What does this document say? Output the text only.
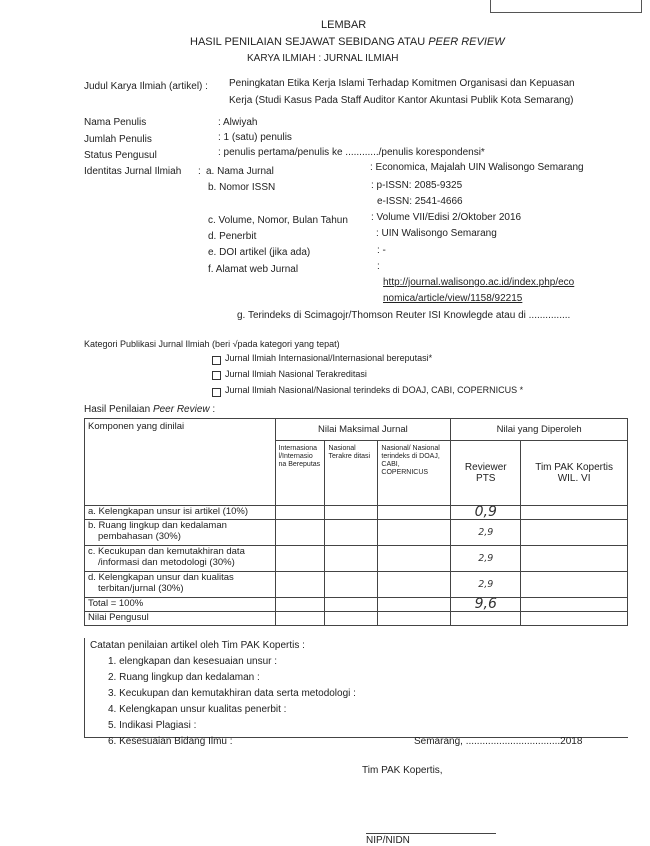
LEMBAR
HASIL PENILAIAN SEJAWAT SEBIDANG ATAU PEER REVIEW
KARYA ILMIAH : JURNAL ILMIAH
Judul Karya Ilmiah (artikel) : Peningkatan Etika Kerja Islami Terhadap Komitmen Organisasi dan Kepuasan
Kerja (Studi Kasus Pada Staff Auditor Kantor Akuntasi Publik Kota Semarang)
Nama Penulis	: Alwiyah
Jumlah Penulis	: 1 (satu) penulis
Status Pengusul	: penulis pertama/penulis ke ............/penulis korespondensi*
Identitas Jurnal Ilmiah : a. Nama Jurnal	: Economica, Majalah UIN Walisongo Semarang
b. Nomor ISSN	: p-ISSN: 2085-9325
e-ISSN: 2541-4666
c. Volume, Nomor, Bulan Tahun : Volume VII/Edisi 2/Oktober 2016
d. Penerbit	: UIN Walisongo Semarang
e. DOI artikel (jika ada)	: -
f. Alamat web Jurnal	:
http://journal.walisongo.ac.id/index.php/eco
nomica/article/view/1158/92215
g. Terindeks di Scimagojr/Thomson Reuter ISI Knowlegde atau di ...............
Kategori Publikasi Jurnal Ilmiah (beri √pada kategori yang tepat)
Jurnal Ilmiah Internasional/Internasional bereputasi*
Jurnal Ilmiah Nasional Terakreditasi
Jurnal Ilmiah Nasional/Nasional terindeks di DOAJ, CABI, COPERNICUS *
Hasil Penilaian Peer Review :
Komponen yang dinilai	Nilai Maksimal Jurnal			Nilai yang Diperoleh	
	Internasiona l/Internasio na Bereputas	Nasional Terakre ditasi	Nasional/ Nasional terindeks di DOAJ, CABI, COPERNICUS	Reviewer PTS	Tim PAK Kopertis WIL. VI
a. Kelengkapan unsur isi artikel (10%)				0,9	

b. Ruang lingkup dan kedalaman
pembahasan (30%)				2,9	

c. Kecukupan dan kemutakhiran data
/informasi dan metodologi (30%)				2,9	

d. Kelengkapan unsur dan kualitas
terbitan/jurnal (30%)				2,9	
Total = 100%				9,6	
Nilai Pengusul					
Catatan penilaian artikel oleh Tim PAK Kopertis :
1. elengkapan dan kesesuaian unsur :
2. Ruang lingkup dan kedalaman :
3. Kecukupan dan kemutakhiran data serta metodologi :
4. Kelengkapan unsur kualitas penerbit :
5. Indikasi Plagiasi :
6. Kesesuaian Bidang Ilmu :	Semarang, ..................................2018
Tim PAK Kopertis,
NIP/NIDN
